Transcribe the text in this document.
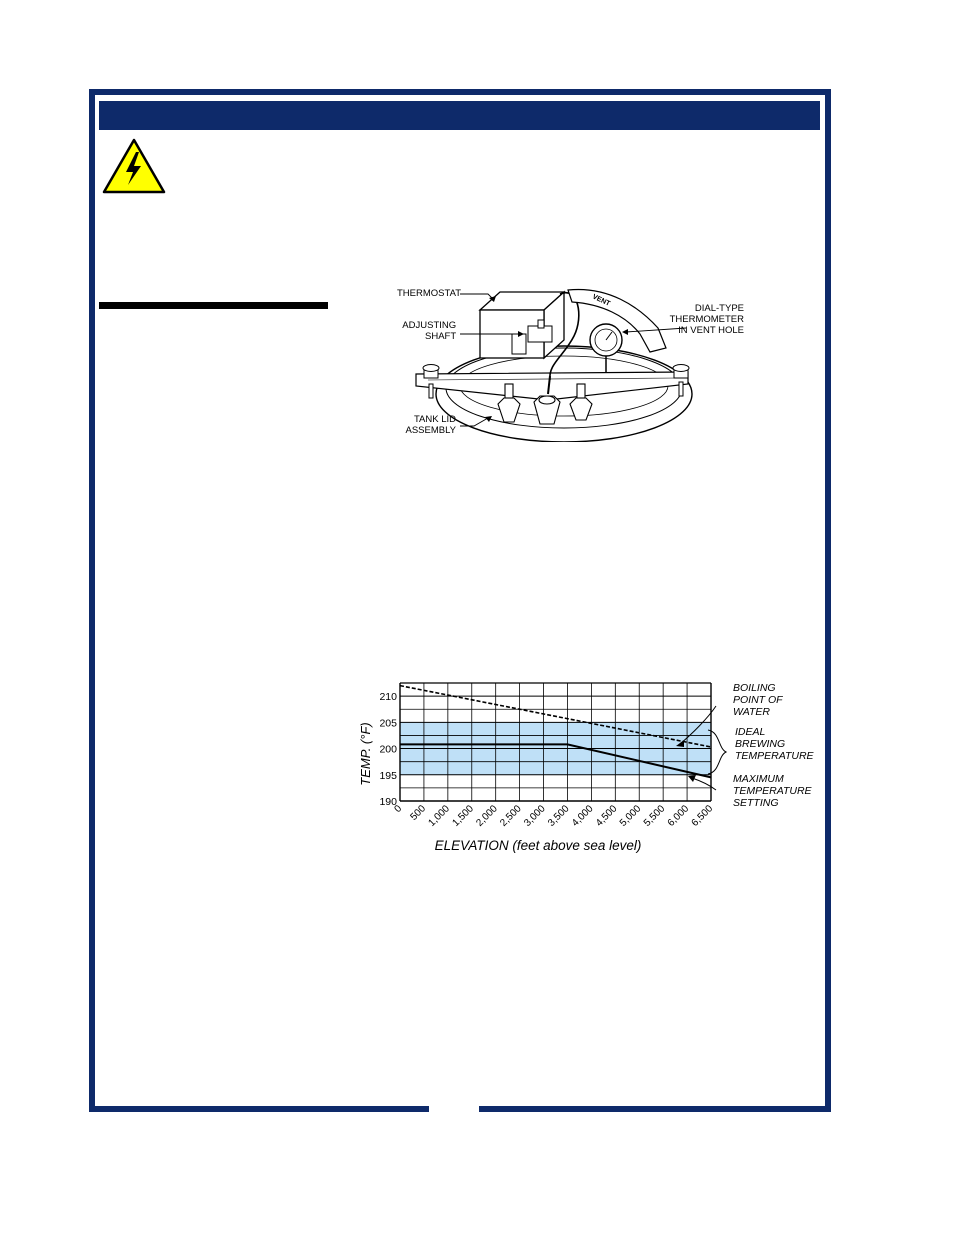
VENT
THERMOSTAT
ADJUSTING
SHAFT
DIAL-TYPE
THERMOMETER
IN VENT HOLE
TANK LID
ASSEMBLY
190
195
200
205
210
0 500
1,000
1,500
2,000
2,500
3,000
3,500
4,000
4,500
5,000
5,500
6,000
6,500
TEMP. (°F)
ELEVATION (feet above sea level)
BOILING
POINT OF
WATER
IDEAL
BREWING
TEMPERATURE
MAXIMUM
TEMPERATURE
SETTING
